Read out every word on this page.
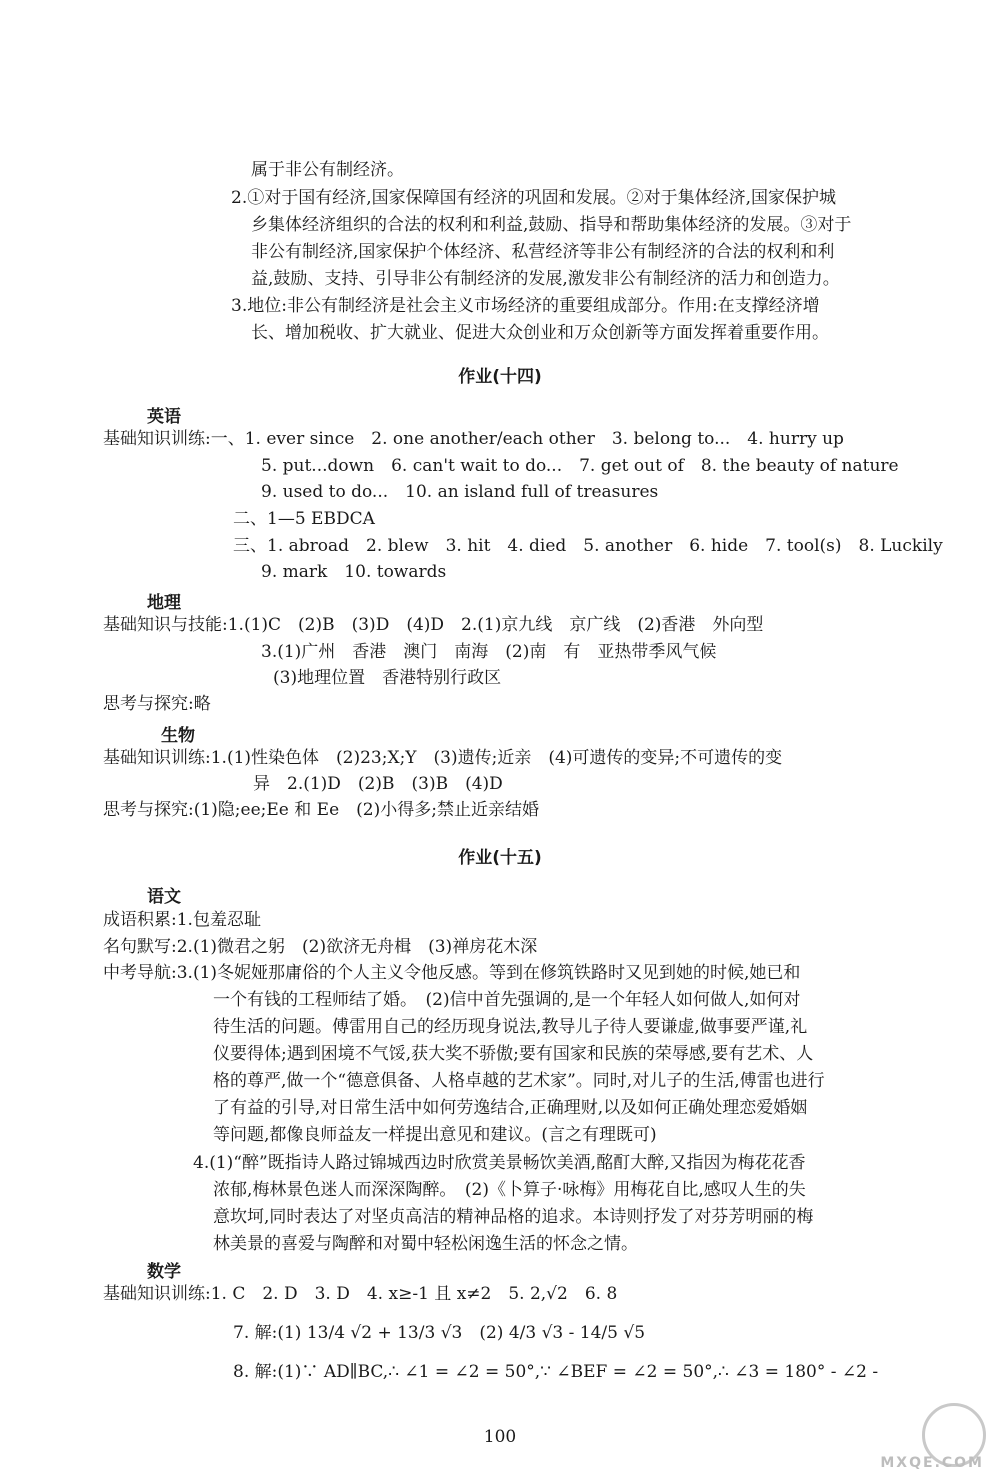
作业(十四)
作业(十五)
英语
地理
生物
语文
数学
属于非公有制经济。
2.①对于国有经济,国家保障国有经济的巩固和发展。②对于集体经济,国家保护城
乡集体经济组织的合法的权利和利益,鼓励、指导和帮助集体经济的发展。③对于
非公有制经济,国家保护个体经济、私营经济等非公有制经济的合法的权利和利
益,鼓励、支持、引导非公有制经济的发展,激发非公有制经济的活力和创造力。
3.地位:非公有制经济是社会主义市场经济的重要组成部分。作用:在支撑经济增
长、增加税收、扩大就业、促进大众创业和万众创新等方面发挥着重要作用。
基础知识训练:一、1. ever since　2. one another/each other　3. belong to...　4. hurry up
5. put...down　6. can't wait to do...　7. get out of　8. the beauty of nature
9. used to do...　10. an island full of treasures
二、1—5 EBDCA
三、1. abroad　2. blew　3. hit　4. died　5. another　6. hide　7. tool(s)　8. Luckily
9. mark　10. towards
基础知识与技能:1.(1)C　(2)B　(3)D　(4)D　2.(1)京九线　京广线　(2)香港　外向型
3.(1)广州　香港　澳门　南海　(2)南　有　亚热带季风气候
(3)地理位置　香港特别行政区
思考与探究:略
基础知识训练:1.(1)性染色体　(2)23;X;Y　(3)遗传;近亲　(4)可遗传的变异;不可遗传的变
异　2.(1)D　(2)B　(3)B　(4)D
思考与探究:(1)隐;ee;Ee 和 Ee　(2)小得多;禁止近亲结婚
成语积累:1.包羞忍耻
名句默写:2.(1)微君之躬　(2)欲济无舟楫　(3)禅房花木深
中考导航:3.(1)冬妮娅那庸俗的个人主义令他反感。等到在修筑铁路时又见到她的时候,她已和
一个有钱的工程师结了婚。　(2)信中首先强调的,是一个年轻人如何做人,如何对
待生活的问题。傅雷用自己的经历现身说法,教导儿子待人要谦虚,做事要严谨,礼
仪要得体;遇到困境不气馁,获大奖不骄傲;要有国家和民族的荣辱感,要有艺术、人
格的尊严,做一个“德意俱备、人格卓越的艺术家”。同时,对儿子的生活,傅雷也进行
了有益的引导,对日常生活中如何劳逸结合,正确理财,以及如何正确处理恋爱婚姻
等问题,都像良师益友一样提出意见和建议。(言之有理既可)
4.(1)“醉”既指诗人路过锦城西边时欣赏美景畅饮美酒,酩酊大醉,又指因为梅花花香
浓郁,梅林景色迷人而深深陶醉。　(2)《卜算子·咏梅》用梅花自比,感叹人生的失
意坎坷,同时表达了对坚贞高洁的精神品格的追求。本诗则抒发了对芬芳明丽的梅
林美景的喜爱与陶醉和对蜀中轻松闲逸生活的怀念之情。
基础知识训练:1. C　2. D　3. D　4. x≥-1 且 x≠2　5. 2,√2　6. 8
7. 解:(1) 13/4 √2 + 13/3 √3　(2) 4/3 √3 - 14/5 √5
8. 解:(1)∵ AD∥BC,∴ ∠1 = ∠2 = 50°,∵ ∠BEF = ∠2 = 50°,∴ ∠3 = 180° - ∠2 -
100
MXQE.COM
